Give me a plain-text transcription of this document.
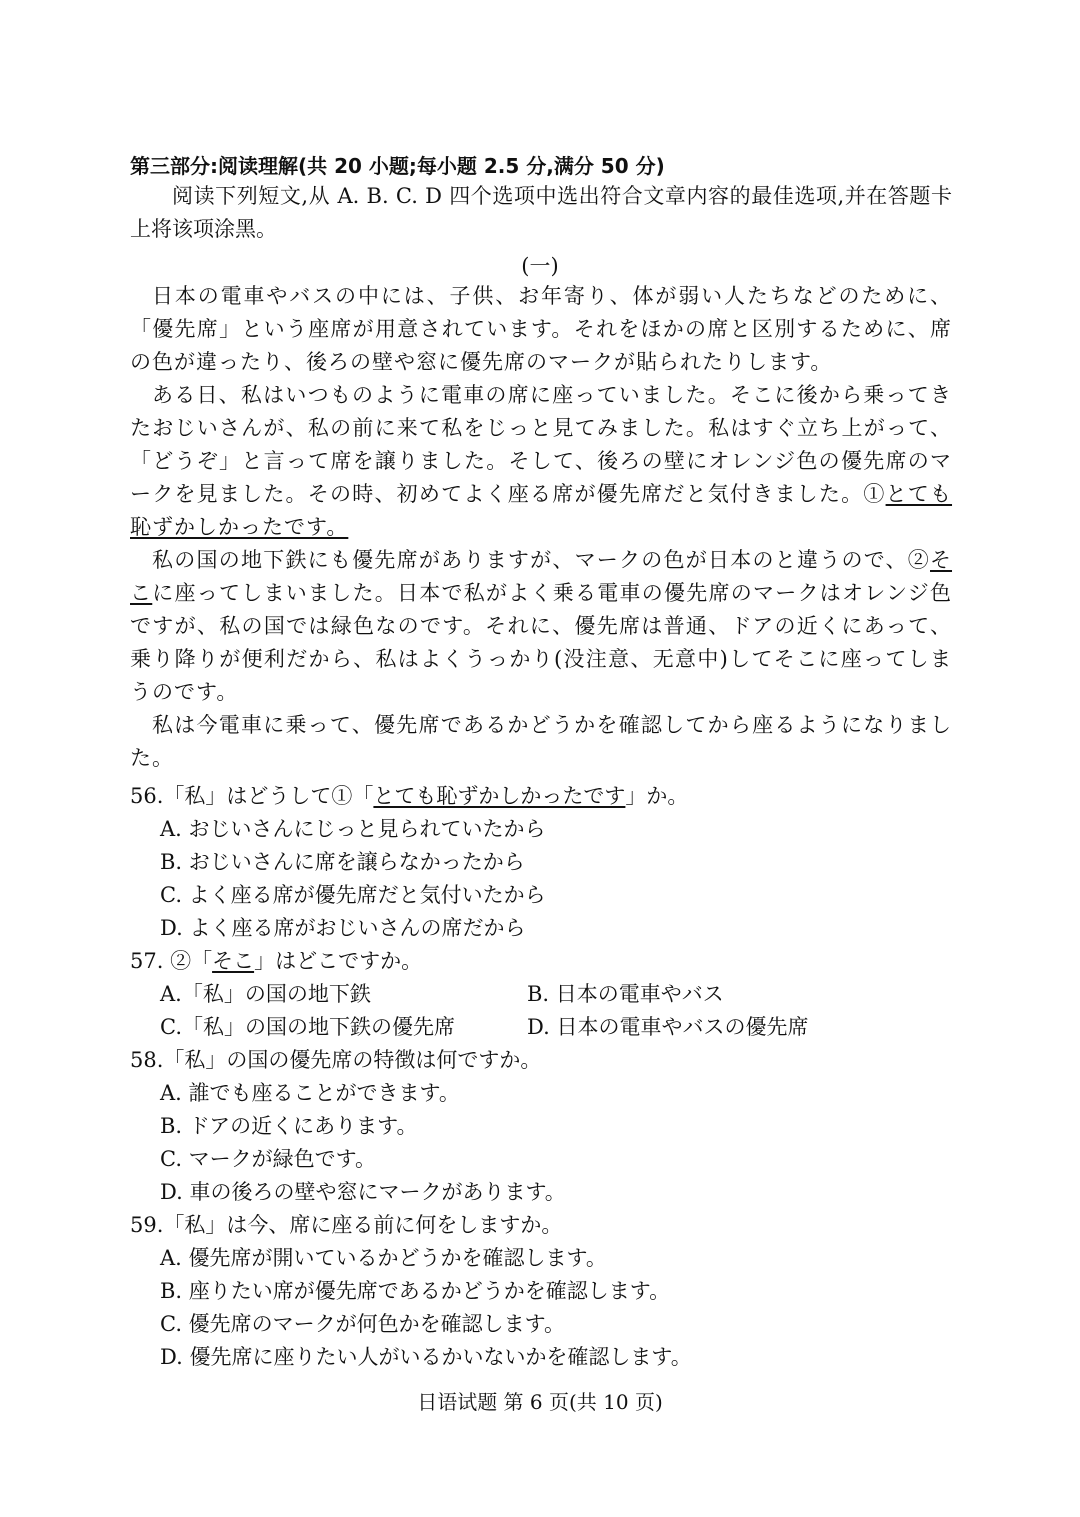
第三部分:阅读理解(共 20 小题;每小题 2.5 分,满分 50 分)
阅读下列短文,从 A. B. C. D 四个选项中选出符合文章内容的最佳选项,并在答题卡上将该项涂黑。
(一)

日本の電車やバスの中には、子供、お年寄り、体が弱い人たちなどのために、「優先席」という座席が用意されています。それをほかの席と区別するために、席の色が違ったり、後ろの壁や窓に優先席のマークが貼られたりします。

ある日、私はいつものように電車の席に座っていました。そこに後から乗ってきたおじいさんが、私の前に来て私をじっと見てみました。私はすぐ立ち上がって、「どうぞ」と言って席を譲りました。そして、後ろの壁にオレンジ色の優先席のマークを見ました。その時、初めてよく座る席が優先席だと気付きました。①とても恥ずかしかったです。

私の国の地下鉄にも優先席がありますが、マークの色が日本のと違うので、②そこに座ってしまいました。日本で私がよく乗る電車の優先席のマークはオレンジ色ですが、私の国では緑色なのです。それに、優先席は普通、ドアの近くにあって、乗り降りが便利だから、私はよくうっかり(没注意、无意中)してそこに座ってしまうのです。

私は今電車に乗って、優先席であるかどうかを確認してから座るようになりました。

56.「私」はどうして①「とても恥ずかしかったです」か。
A. おじいさんにじっと見られていたから
B. おじいさんに席を譲らなかったから
C. よく座る席が優先席だと気付いたから
D. よく座る席がおじいさんの席だから
57. ②「そこ」はどこですか。
A.「私」の国の地下鉄	B. 日本の電車やバス
C.「私」の国の地下鉄の優先席	D. 日本の電車やバスの優先席
58.「私」の国の優先席の特徴は何ですか。
A. 誰でも座ることができます。
B. ドアの近くにあります。
C. マークが緑色です。
D. 車の後ろの壁や窓にマークがあります。
59.「私」は今、席に座る前に何をしますか。
A. 優先席が開いているかどうかを確認します。
B. 座りたい席が優先席であるかどうかを確認します。
C. 優先席のマークが何色かを確認します。
D. 優先席に座りたい人がいるかいないかを確認します。
日语试题 第 6 页(共 10 页)
